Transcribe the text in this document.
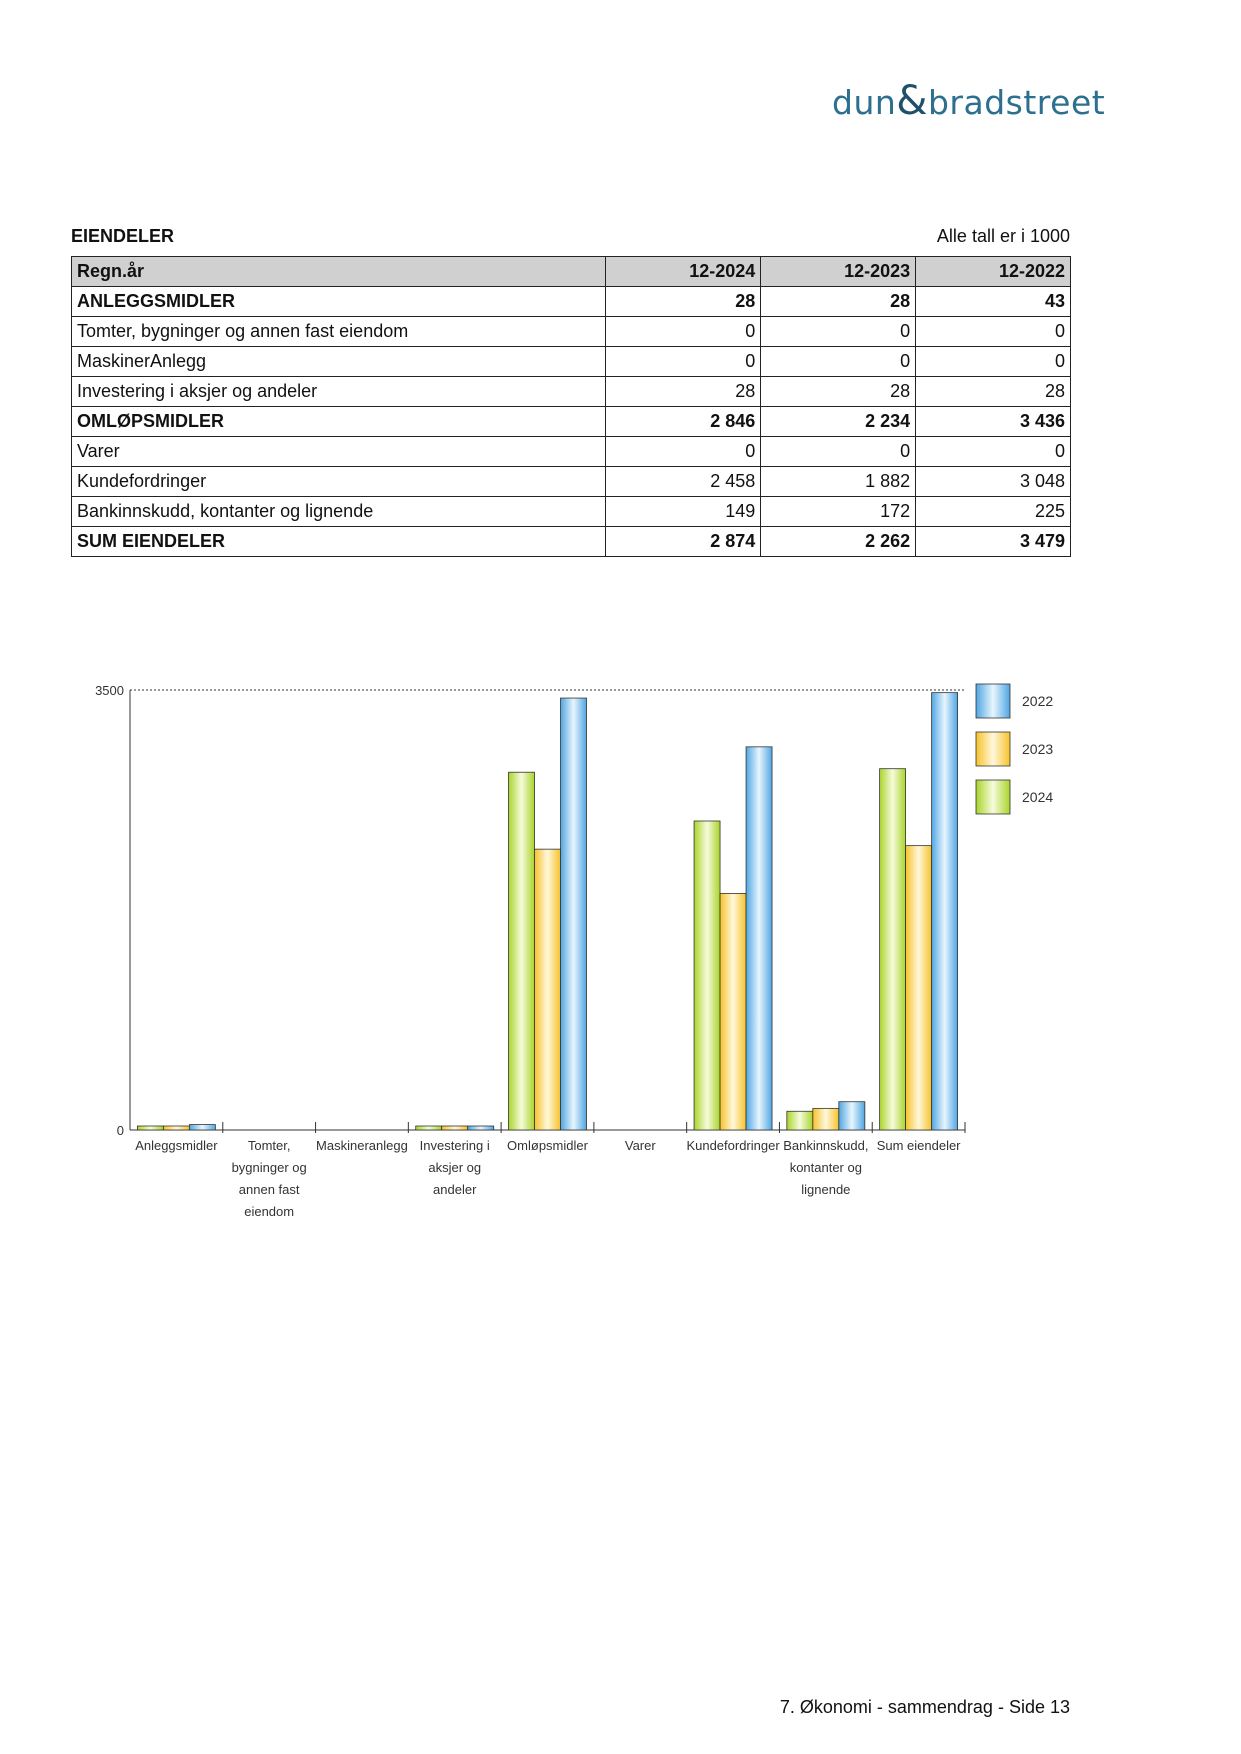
dun&bradstreet
EIENDELER	Alle tall er i 1000
Regn.år	12-2024	12-2023	12-2022
ANLEGGSMIDLER	28	28	43
Tomter, bygninger og annen fast eiendom	0	0	0
MaskinerAnlegg	0	0	0
Investering i aksjer og andeler	28	28	28
OMLØPSMIDLER	2 846	2 234	3 436
Varer	0	0	0
Kundefordringer	2 458	1 882	3 048
Bankinnskudd, kontanter og lignende	149	172	225
SUM EIENDELER	2 874	2 262	3 479
0
3500
Anleggsmidler	Tomter, bygninger og annen fast eiendom
Maskineranlegg Investering i aksjer og andeler
Omløpsmidler	Varer Kundefordringer Bankinnskudd, kontanter og lignende
Sum eiendeler
2022
2023
2024
7. Økonomi - sammendrag - Side 13
